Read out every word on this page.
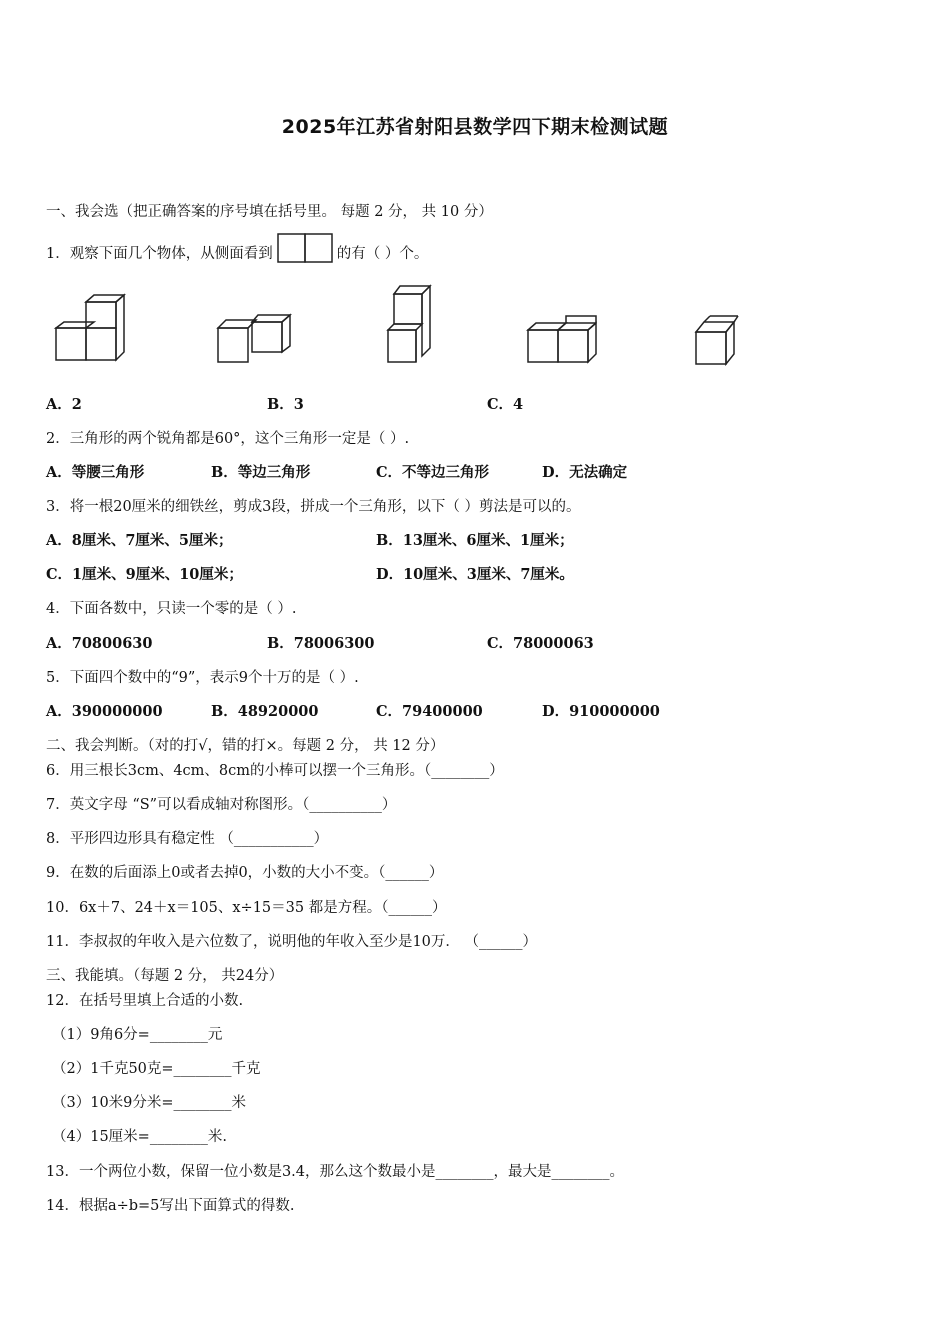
2025年江苏省射阳县数学四下期末检测试题
一、我会选（把正确答案的序号填在括号里。 每题 2 分， 共 10 分）
1．观察下面几个物体，从侧面看到	的有（ ）个。
A．2	B．3	C．4
2．三角形的两个锐角都是60°，这个三角形一定是（ ）.
A．等腰三角形	B．等边三角形	C．不等边三角形	D．无法确定
3．将一根20厘米的细铁丝，剪成3段，拼成一个三角形，以下（ ）剪法是可以的。
A．8厘米、7厘米、5厘米；	B．13厘米、6厘米、1厘米；
C．1厘米、9厘米、10厘米；	D．10厘米、3厘米、7厘米。
4．下面各数中，只读一个零的是（ ）.
A．70800630	B．78006300	C．78000063
5．下面四个数中的“9”，表示9个十万的是（ ）.
A．390000000	B．48920000	C．79400000	D．910000000
二、我会判断。（对的打√，错的打×。每题 2 分， 共 12 分）
6．用三根长3cm、4cm、8cm的小棒可以摆一个三角形。（________）
7．英文字母 “S”可以看成轴对称图形。（__________）
8．平形四边形具有稳定性 （___________）
9．在数的后面添上0或者去掉0，小数的大小不变。（______）
10．6x＋7、24＋x＝105、x÷15＝35 都是方程。（______）
11．李叔叔的年收入是六位数了，说明他的年收入至少是10万． （______）
三、我能填。（每题 2 分， 共24分）
12．在括号里填上合适的小数.
（1）9角6分=________元
（2）1千克50克=________千克
（3）10米9分米=________米
（4）15厘米=________米.
13．一个两位小数，保留一位小数是3.4，那么这个数最小是________，最大是________。
14．根据a÷b=5写出下面算式的得数.
